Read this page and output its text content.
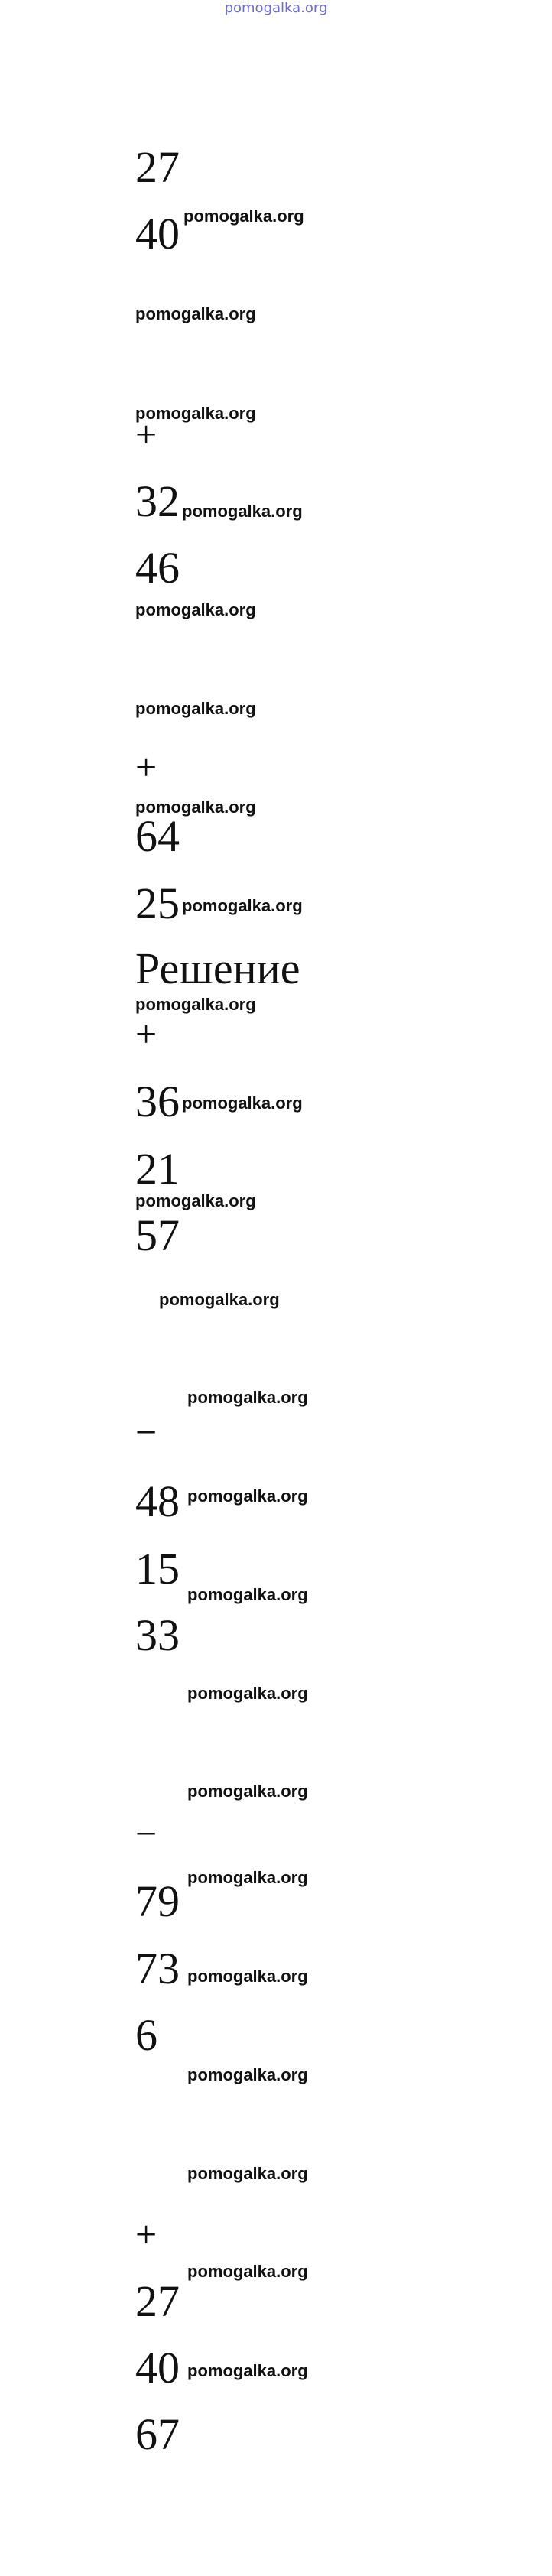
pomogalka.org
27
40 pomogalka.org
pomogalka.org
pomogalka.org
+
32 pomogalka.org
46
pomogalka.org
pomogalka.org
+
pomogalka.org
64
25 pomogalka.org
Решение
pomogalka.org
+
36 pomogalka.org
21
pomogalka.org
57
pomogalka.org
pomogalka.org
−
48 pomogalka.org
15
pomogalka.org
33
pomogalka.org
pomogalka.org
−
pomogalka.org
79
73 pomogalka.org
6
pomogalka.org
pomogalka.org
+
pomogalka.org
27
40 pomogalka.org
67
